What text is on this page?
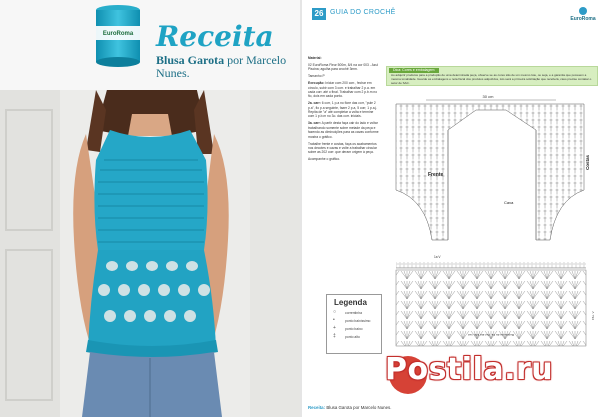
EuroRoma Receita
Blusa Garota por Marcelo Nunes.
26 GUIA DO CROCHÊ
EuroRoma

Material:

02 EuroRoma Fleur 500m, 8/4 na cor 003 - Azul Piscina; agulha para crochê 3mm.

Tamanho P

Execução: Iniciar com 200 corr., fechar em círculo, subir com 3 corr. e trabalhar 2 p.a. em cada corr. até o final. Trabalhar com 2 p.b.m no fio, dois em cada ponto.

2a. carr: 6 corr, 1 p.a no fiore das corr, "pule 2 p.a", fio p.a seguinte, fazer 2 p.a, 5 corr, 1 p.a.j. Repita de "a" até completar a volta e termine com 1 p.b.m no 3o. das corr. iniciais.

3a. carr: A partir desta faça cair do lado e voltar trabalhando somente sobre metade da peça e fazendo as diminuições para as cavas conforme mostra o gráfico.

Trabalhe frente e costas, faça os acabamentos nos decotes e cavas e volte a trabalhar circular sobre as 202 corr. que deram origem à peça.

Acompanhe o gráfico.

Dica: Cores e embalagem
Ao adquirir produtos para a produção de uma determinada peça, observe se as cores são de um mesmo lote, ou seja, e a garantia que possuem a mesma tonalidade. Guarde as embalagens e nota fiscal dos produtos adquiridos, isto será a primeira solicitação que receberá, caso precise contatar o setor de SAC.
30 cm
Frente
Cava
Costas
1a V
15o. V
Repete-se de 1a. Vez até 12a. vez
Legenda
○	correntinha
•	ponto baixíssimo
+	ponto baixo
‡	ponto alto
Receita: Blusa Garota por Marcelo Nunes.
Postila.ru
